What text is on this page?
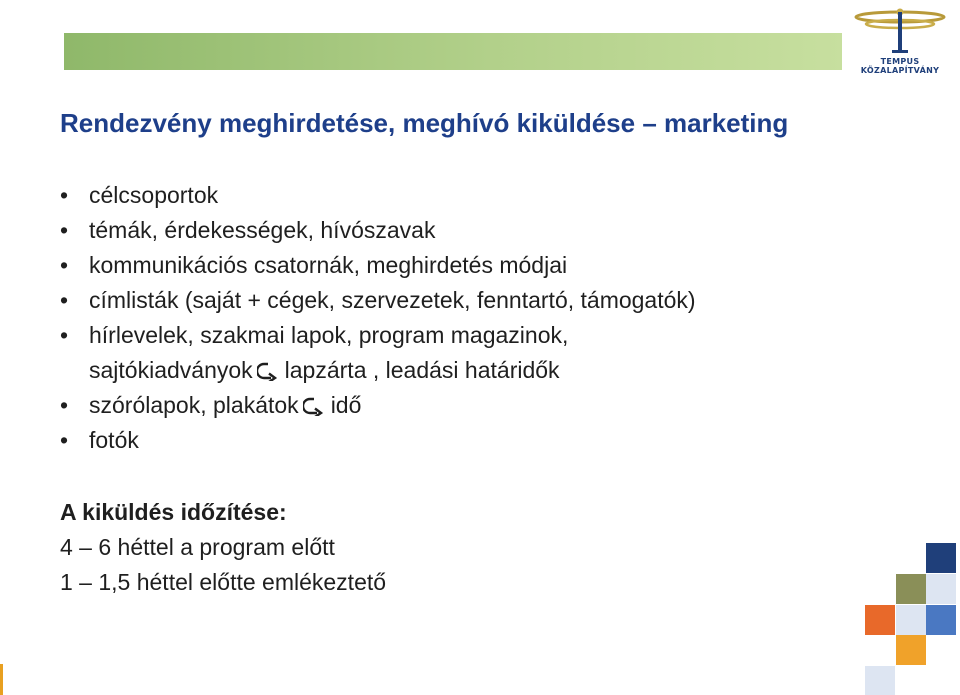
TEMPUS KÖZALAPÍTVÁNY
Rendezvény meghirdetése, meghívó kiküldése – marketing
• célcsoportok
• témák, érdekességek, hívószavak
• kommunikációs csatornák, meghirdetés módjai
• címlisták (saját + cégek, szervezetek, fenntartó, támogatók)
• hírlevelek, szakmai lapok, program magazinok,
sajtókiadványok lapzárta , leadási határidők
• szórólapok, plakátok idő
• fotók
A kiküldés időzítése:
4 – 6 héttel a program előtt
1 – 1,5 héttel előtte emlékeztető
